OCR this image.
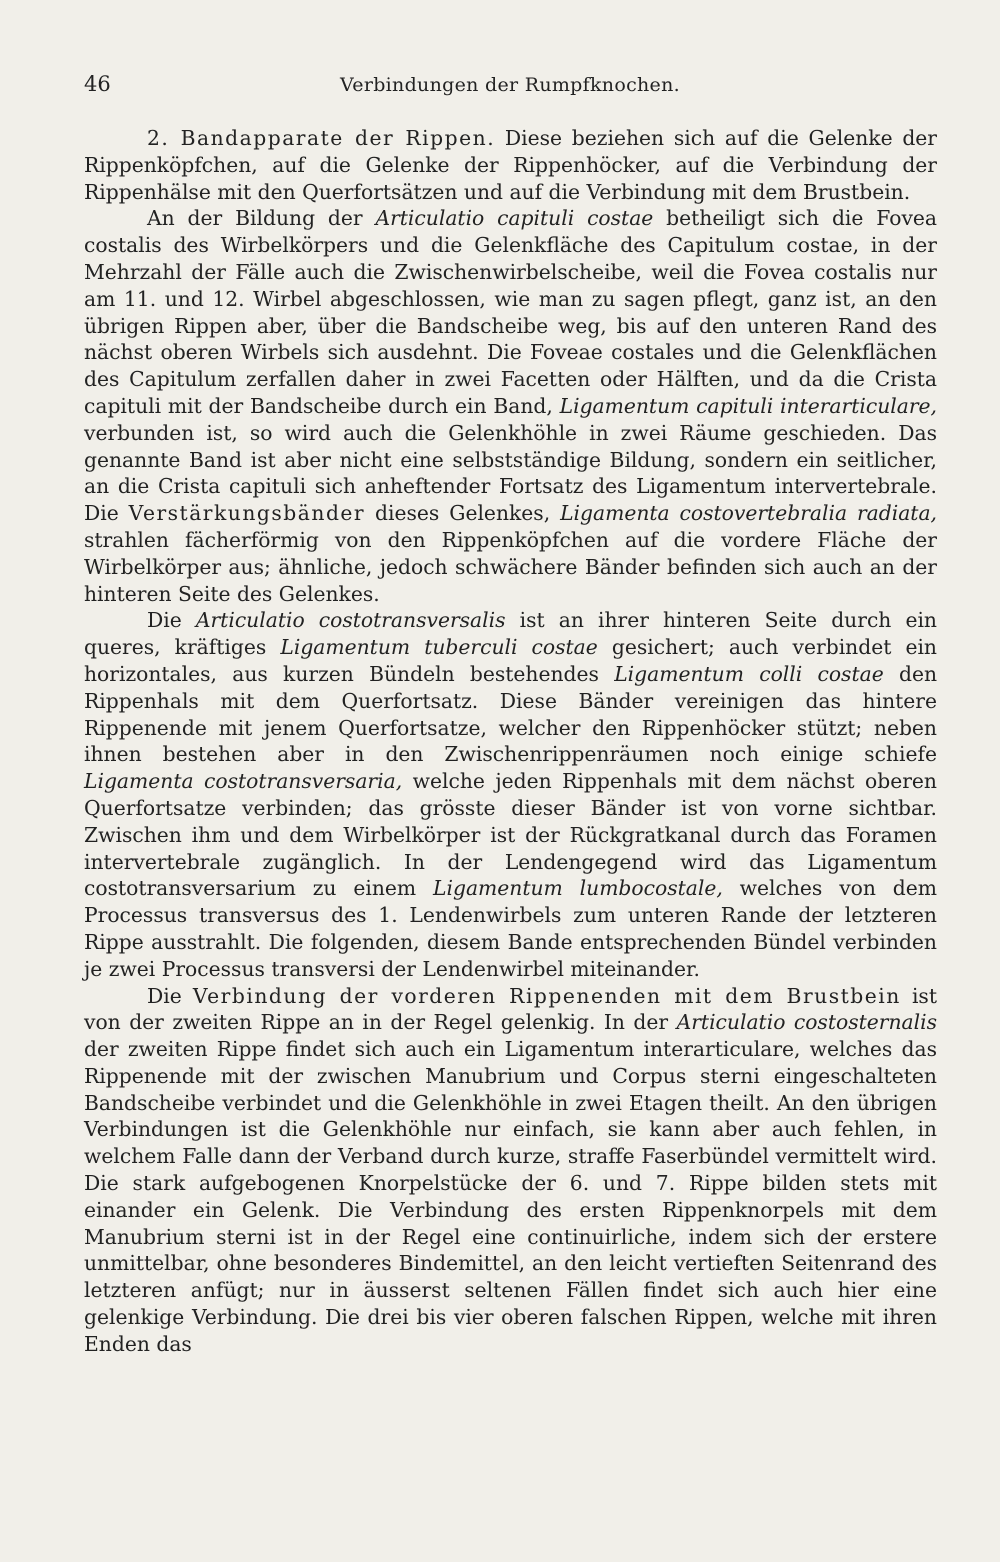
46	Verbindungen der Rumpfknochen.

2. Bandapparate der Rippen. Diese beziehen sich auf die Gelenke der Rippenköpfchen, auf die Gelenke der Rippenhöcker, auf die Verbindung der Rippenhälse mit den Querfortsätzen und auf die Verbindung mit dem Brustbein.

An der Bildung der Articulatio capituli costae betheiligt sich die Fovea costalis des Wirbelkörpers und die Gelenkfläche des Capitulum costae, in der Mehrzahl der Fälle auch die Zwischenwirbelscheibe, weil die Fovea costalis nur am 11. und 12. Wirbel abgeschlossen, wie man zu sagen pflegt, ganz ist, an den übrigen Rippen aber, über die Bandscheibe weg, bis auf den unteren Rand des nächst oberen Wirbels sich ausdehnt. Die Foveae costales und die Gelenkflächen des Capitulum zerfallen daher in zwei Facetten oder Hälften, und da die Crista capituli mit der Bandscheibe durch ein Band, Ligamentum capituli interarticulare, verbunden ist, so wird auch die Gelenkhöhle in zwei Räume geschieden. Das genannte Band ist aber nicht eine selbstständige Bildung, sondern ein seitlicher, an die Crista capituli sich anheftender Fortsatz des Ligamentum intervertebrale. Die Verstärkungsbänder dieses Gelenkes, Ligamenta costovertebralia radiata, strahlen fächerförmig von den Rippenköpfchen auf die vordere Fläche der Wirbelkörper aus; ähnliche, jedoch schwächere Bänder befinden sich auch an der hinteren Seite des Gelenkes.

Die Articulatio costotransversalis ist an ihrer hinteren Seite durch ein queres, kräftiges Ligamentum tuberculi costae gesichert; auch verbindet ein horizontales, aus kurzen Bündeln bestehendes Ligamentum colli costae den Rippenhals mit dem Querfortsatz. Diese Bänder vereinigen das hintere Rippenende mit jenem Querfortsatze, welcher den Rippenhöcker stützt; neben ihnen bestehen aber in den Zwischenrippenräumen noch einige schiefe Ligamenta costotransversaria, welche jeden Rippenhals mit dem nächst oberen Querfortsatze verbinden; das grösste dieser Bänder ist von vorne sichtbar. Zwischen ihm und dem Wirbelkörper ist der Rückgratkanal durch das Foramen intervertebrale zugänglich. In der Lendengegend wird das Ligamentum costotransversarium zu einem Ligamentum lumbocostale, welches von dem Processus transversus des 1. Lendenwirbels zum unteren Rande der letzteren Rippe ausstrahlt. Die folgenden, diesem Bande entsprechenden Bündel verbinden je zwei Processus transversi der Lendenwirbel miteinander.

Die Verbindung der vorderen Rippenenden mit dem Brustbein ist von der zweiten Rippe an in der Regel gelenkig. In der Articulatio costosternalis der zweiten Rippe findet sich auch ein Ligamentum interarticulare, welches das Rippenende mit der zwischen Manubrium und Corpus sterni eingeschalteten Bandscheibe verbindet und die Gelenkhöhle in zwei Etagen theilt. An den übrigen Verbindungen ist die Gelenkhöhle nur einfach, sie kann aber auch fehlen, in welchem Falle dann der Verband durch kurze, straffe Faserbündel vermittelt wird. Die stark aufgebogenen Knorpelstücke der 6. und 7. Rippe bilden stets mit einander ein Gelenk. Die Verbindung des ersten Rippenknorpels mit dem Manubrium sterni ist in der Regel eine continuirliche, indem sich der erstere unmittelbar, ohne besonderes Bindemittel, an den leicht vertieften Seitenrand des letzteren anfügt; nur in äusserst seltenen Fällen findet sich auch hier eine gelenkige Verbindung. Die drei bis vier oberen falschen Rippen, welche mit ihren Enden das
